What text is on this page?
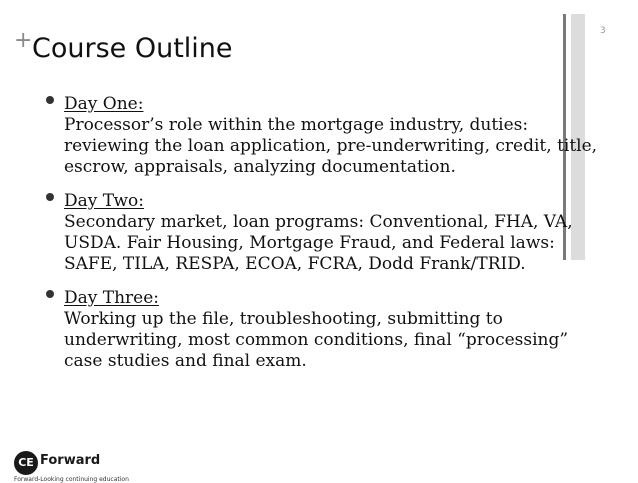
+ Course Outline
3
Day One:
Processor’s role within the mortgage industry, duties: reviewing the loan application, pre-underwriting, credit, title, escrow, appraisals, analyzing documentation.
Day Two:
Secondary market, loan programs: Conventional, FHA, VA, USDA. Fair Housing, Mortgage Fraud, and Federal laws: SAFE, TILA, RESPA, ECOA, FCRA, Dodd Frank/TRID.
Day Three:
Working up the file, troubleshooting, submitting to underwriting, most common conditions, final “processing” case studies and final exam.
CE Forward
Forward-Looking continuing education
